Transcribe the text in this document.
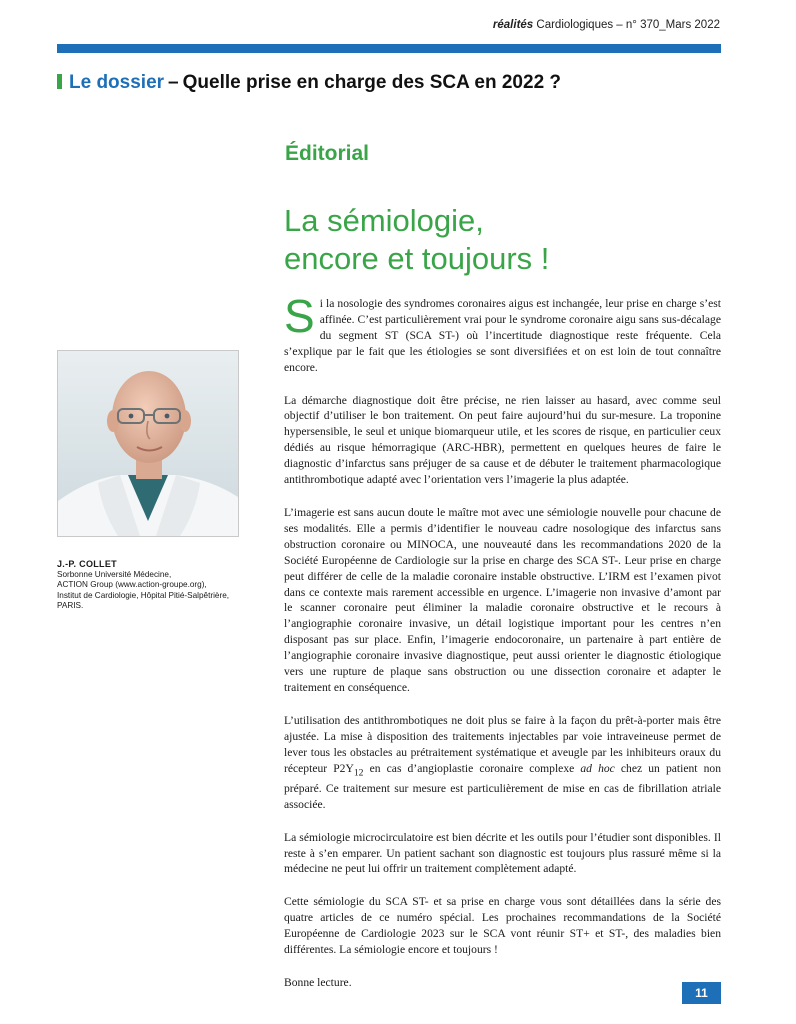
réalités Cardiologiques – n° 370_Mars 2022
Le dossier – Quelle prise en charge des SCA en 2022 ?
Éditorial
La sémiologie,
encore et toujours !
J.-P. COLLET
Sorbonne Université Médecine,
ACTION Group (www.action-groupe.org),
Institut de Cardiologie, Hôpital Pitié-Salpêtrière,
PARIS.

Si la nosologie des syndromes coronaires aigus est inchangée, leur prise en charge s’est affinée. C’est particulièrement vrai pour le syndrome coronaire aigu sans sus-décalage du segment ST (SCA ST-) où l’incertitude diagnostique reste fréquente. Cela s’explique par le fait que les étiologies se sont diversifiées et on est loin de tout connaître encore.

La démarche diagnostique doit être précise, ne rien laisser au hasard, avec comme seul objectif d’utiliser le bon traitement. On peut faire aujourd’hui du sur-mesure. La troponine hypersensible, le seul et unique biomarqueur utile, et les scores de risque, en particulier ceux dédiés au risque hémorragique (ARC-HBR), permettent en quelques heures de faire le diagnostic d’infarctus sans préjuger de sa cause et de débuter le traitement pharmacologique antithrombotique adapté avec l’orientation vers l’imagerie la plus adaptée.

L’imagerie est sans aucun doute le maître mot avec une sémiologie nouvelle pour chacune de ses modalités. Elle a permis d’identifier le nouveau cadre nosologique des infarctus sans obstruction coronaire ou MINOCA, une nouveauté dans les recommandations 2020 de la Société Européenne de Cardiologie sur la prise en charge des SCA ST-. Leur prise en charge peut différer de celle de la maladie coronaire instable obstructive. L’IRM est l’examen pivot dans ce contexte mais rarement accessible en urgence. L’imagerie non invasive d’amont par le scanner coronaire peut éliminer la maladie coronaire obstructive et le recours à l’angiographie coronaire invasive, un détail logistique important pour les centres n’en disposant pas sur place. Enfin, l’imagerie endocoronaire, un partenaire à part entière de l’angiographie coronaire invasive diagnostique, peut aussi orienter le diagnostic étiologique vers une rupture de plaque sans obstruction ou une dissection coronaire et adapter le traitement en conséquence.

L’utilisation des antithrombotiques ne doit plus se faire à la façon du prêt-à-porter mais être ajustée. La mise à disposition des traitements injectables par voie intraveineuse permet de lever tous les obstacles au prétraitement systématique et aveugle par les inhibiteurs oraux du récepteur $P2Y_{12}$ en cas d’angioplastie coronaire complexe ad hoc chez un patient non préparé. Ce traitement sur mesure est particulièrement de mise en cas de fibrillation atriale associée.

La sémiologie microcirculatoire est bien décrite et les outils pour l’étudier sont disponibles. Il reste à s’en emparer. Un patient sachant son diagnostic est toujours plus rassuré même si la médecine ne peut lui offrir un traitement complètement adapté.

Cette sémiologie du SCA ST- et sa prise en charge vous sont détaillées dans la série des quatre articles de ce numéro spécial. Les prochaines recommandations de la Société Européenne de Cardiologie 2023 sur le SCA vont réunir ST+ et ST-, des maladies bien différentes. La sémiologie encore et toujours !

Bonne lecture.

11
